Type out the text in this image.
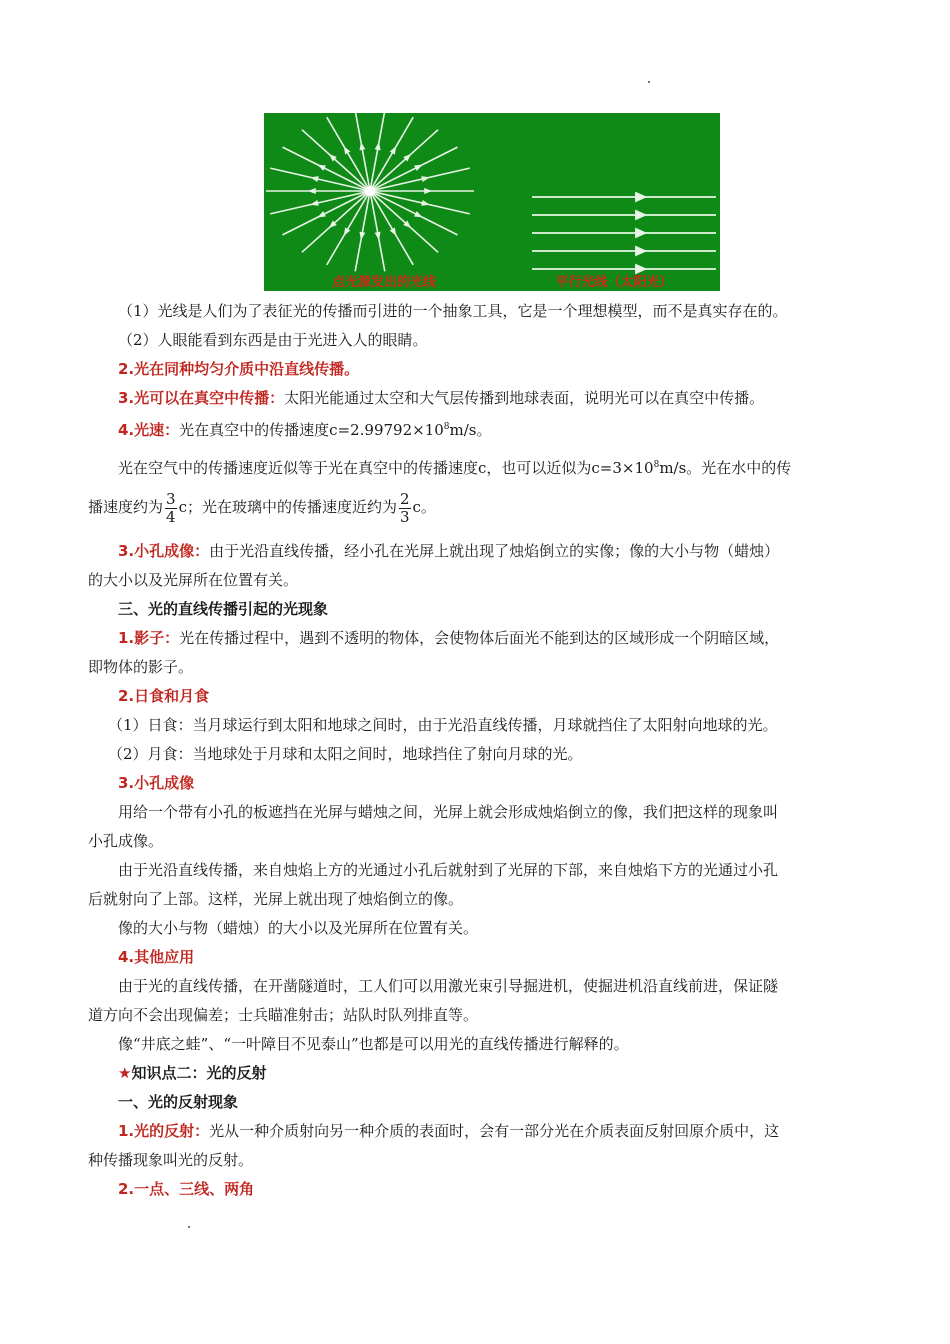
点光源发出的光线	平行光线（太阳光）

（1）光线是人们为了表征光的传播而引进的一个抽象工具，它是一个理想模型，而不是真实存在的。

（2）人眼能看到东西是由于光进入人的眼睛。

2.光在同种均匀介质中沿直线传播。

3.光可以在真空中传播：太阳光能通过太空和大气层传播到地球表面，说明光可以在真空中传播。

4.光速：光在真空中的传播速度$c=2.99792\times 10^8m/s$。

光在空气中的传播速度近似等于光在真空中的传播速度c，也可以近似为$c=3\times 10^8m/s$。光在水中的传

播速度约为 $\frac{3}{4}$ c；光在玻璃中的传播速度近约为 $\frac{2}{3}$ c。

3.小孔成像：由于光沿直线传播，经小孔在光屏上就出现了烛焰倒立的实像；像的大小与物（蜡烛）

的大小以及光屏所在位置有关。

三、光的直线传播引起的光现象

1.影子：光在传播过程中，遇到不透明的物体，会使物体后面光不能到达的区域形成一个阴暗区域，

即物体的影子。

2.日食和月食

（1）日食：当月球运行到太阳和地球之间时，由于光沿直线传播，月球就挡住了太阳射向地球的光。

（2）月食：当地球处于月球和太阳之间时，地球挡住了射向月球的光。

3.小孔成像

用给一个带有小孔的板遮挡在光屏与蜡烛之间，光屏上就会形成烛焰倒立的像，我们把这样的现象叫

小孔成像。

由于光沿直线传播，来自烛焰上方的光通过小孔后就射到了光屏的下部，来自烛焰下方的光通过小孔

后就射向了上部。这样，光屏上就出现了烛焰倒立的像。

像的大小与物（蜡烛）的大小以及光屏所在位置有关。

4.其他应用

由于光的直线传播，在开凿隧道时，工人们可以用激光束引导掘进机，使掘进机沿直线前进，保证隧

道方向不会出现偏差；士兵瞄准射击；站队时队列排直等。

像“井底之蛙”、“一叶障目不见泰山”也都是可以用光的直线传播进行解释的。

★知识点二：光的反射

一、光的反射现象

1.光的反射：光从一种介质射向另一种介质的表面时，会有一部分光在介质表面反射回原介质中，这

种传播现象叫光的反射。

2.一点、三线、两角
